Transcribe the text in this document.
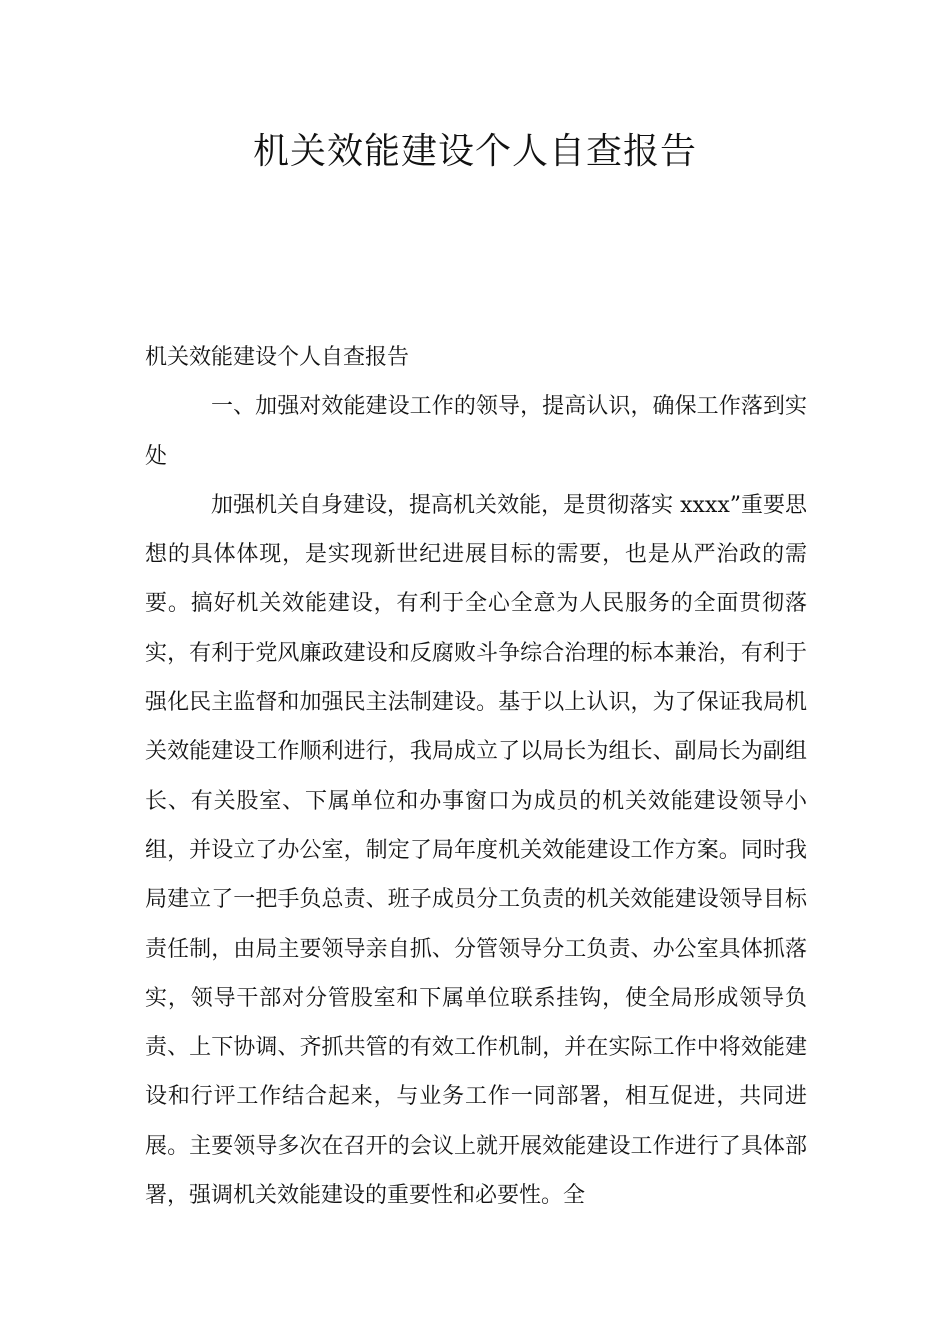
机关效能建设个人自查报告

机关效能建设个人自查报告

一、加强对效能建设工作的领导，提高认识，确保工作落到实处

加强机关自身建设，提高机关效能，是贯彻落实 xxxx”重要思想的具体体现，是实现新世纪进展目标的需要，也是从严治政的需要。搞好机关效能建设，有利于全心全意为人民服务的全面贯彻落实，有利于党风廉政建设和反腐败斗争综合治理的标本兼治，有利于强化民主监督和加强民主法制建设。基于以上认识，为了保证我局机关效能建设工作顺利进行，我局成立了以局长为组长、副局长为副组长、有关股室、下属单位和办事窗口为成员的机关效能建设领导小组，并设立了办公室，制定了局年度机关效能建设工作方案。同时我局建立了一把手负总责、班子成员分工负责的机关效能建设领导目标责任制，由局主要领导亲自抓、分管领导分工负责、办公室具体抓落实，领导干部对分管股室和下属单位联系挂钩，使全局形成领导负责、上下协调、齐抓共管的有效工作机制，并在实际工作中将效能建设和行评工作结合起来，与业务工作一同部署，相互促进，共同进展。主要领导多次在召开的会议上就开展效能建设工作进行了具体部署，强调机关效能建设的重要性和必要性。全
